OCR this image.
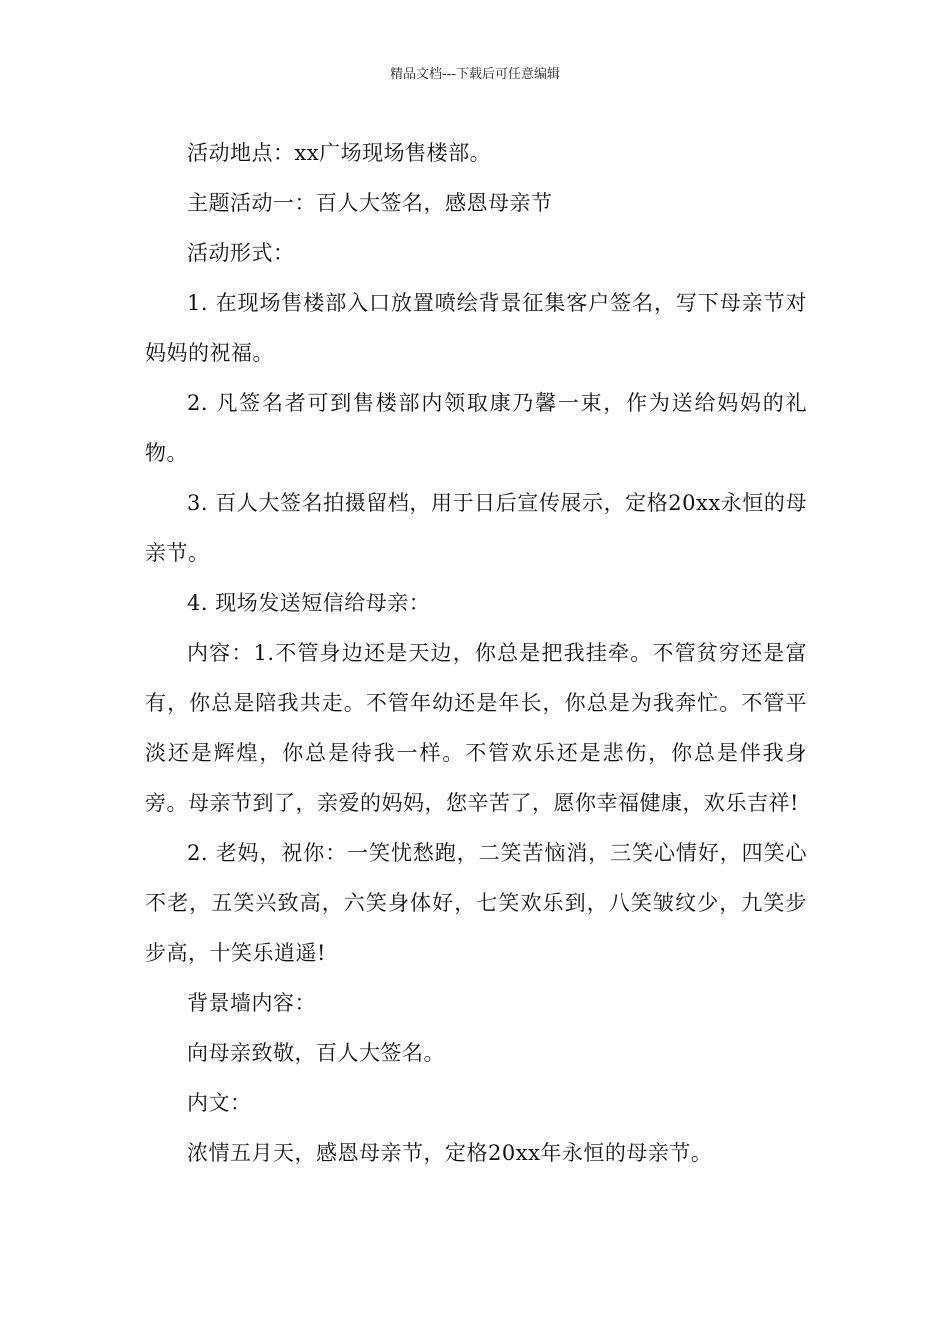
精品文档---下载后可任意编辑

活动地点：xx广场现场售楼部。

主题活动一：百人大签名，感恩母亲节

活动形式：

1. 在现场售楼部入口放置喷绘背景征集客户签名，写下母亲节对妈妈的祝福。

2. 凡签名者可到售楼部内领取康乃馨一束，作为送给妈妈的礼物。

3. 百人大签名拍摄留档，用于日后宣传展示，定格20xx永恒的母亲节。

4. 现场发送短信给母亲：

内容：1.不管身边还是天边，你总是把我挂牵。不管贫穷还是富有，你总是陪我共走。不管年幼还是年长，你总是为我奔忙。不管平淡还是辉煌，你总是待我一样。不管欢乐还是悲伤，你总是伴我身旁。母亲节到了，亲爱的妈妈，您辛苦了，愿你幸福健康，欢乐吉祥!

2. 老妈，祝你：一笑忧愁跑，二笑苦恼消，三笑心情好，四笑心不老，五笑兴致高，六笑身体好，七笑欢乐到，八笑皱纹少，九笑步步高，十笑乐逍遥!

背景墙内容：

向母亲致敬，百人大签名。

内文：

浓情五月天，感恩母亲节，定格20xx年永恒的母亲节。
